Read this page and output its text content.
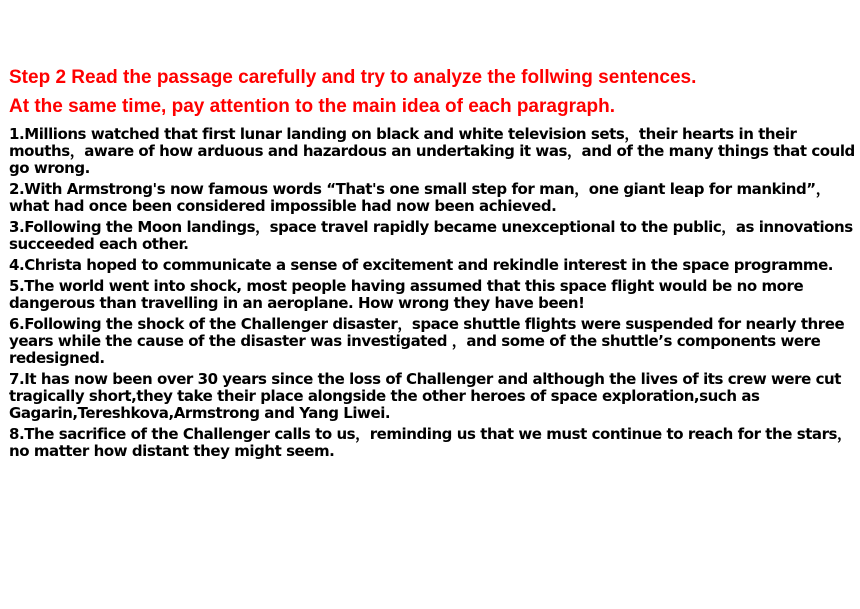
Step 2 Read the passage carefully and try to analyze the follwing sentences.
At the same time, pay attention to the main idea of each paragraph.

1.Millions watched that first lunar landing on black and white television sets，their hearts in their mouths，aware of how arduous and hazardous an undertaking it was，and of the many things that could go wrong.

2.With Armstrong's now famous words “That's one small step for man，one giant leap for mankind”，what had once been considered impossible had now been achieved.

3.Following the Moon landings，space travel rapidly became unexceptional to the public，as innovations succeeded each other.

4.Christa hoped to communicate a sense of excitement and rekindle interest in the space programme.

5.The world went into shock, most people having assumed that this space flight would be no more dangerous than travelling in an aeroplane. How wrong they have been!

6.Following the shock of the Challenger disaster，space shuttle flights were suspended for nearly three years while the cause of the disaster was investigated ，and some of the shuttle’s components were redesigned.

7.It has now been over 30 years since the loss of Challenger and although the lives of its crew were cut tragically short,they take their place alongside the other heroes of space exploration,such as Gagarin,Tereshkova,Armstrong and Yang Liwei.

8.The sacrifice of the Challenger calls to us，reminding us that we must continue to reach for the stars，no matter how distant they might seem.
